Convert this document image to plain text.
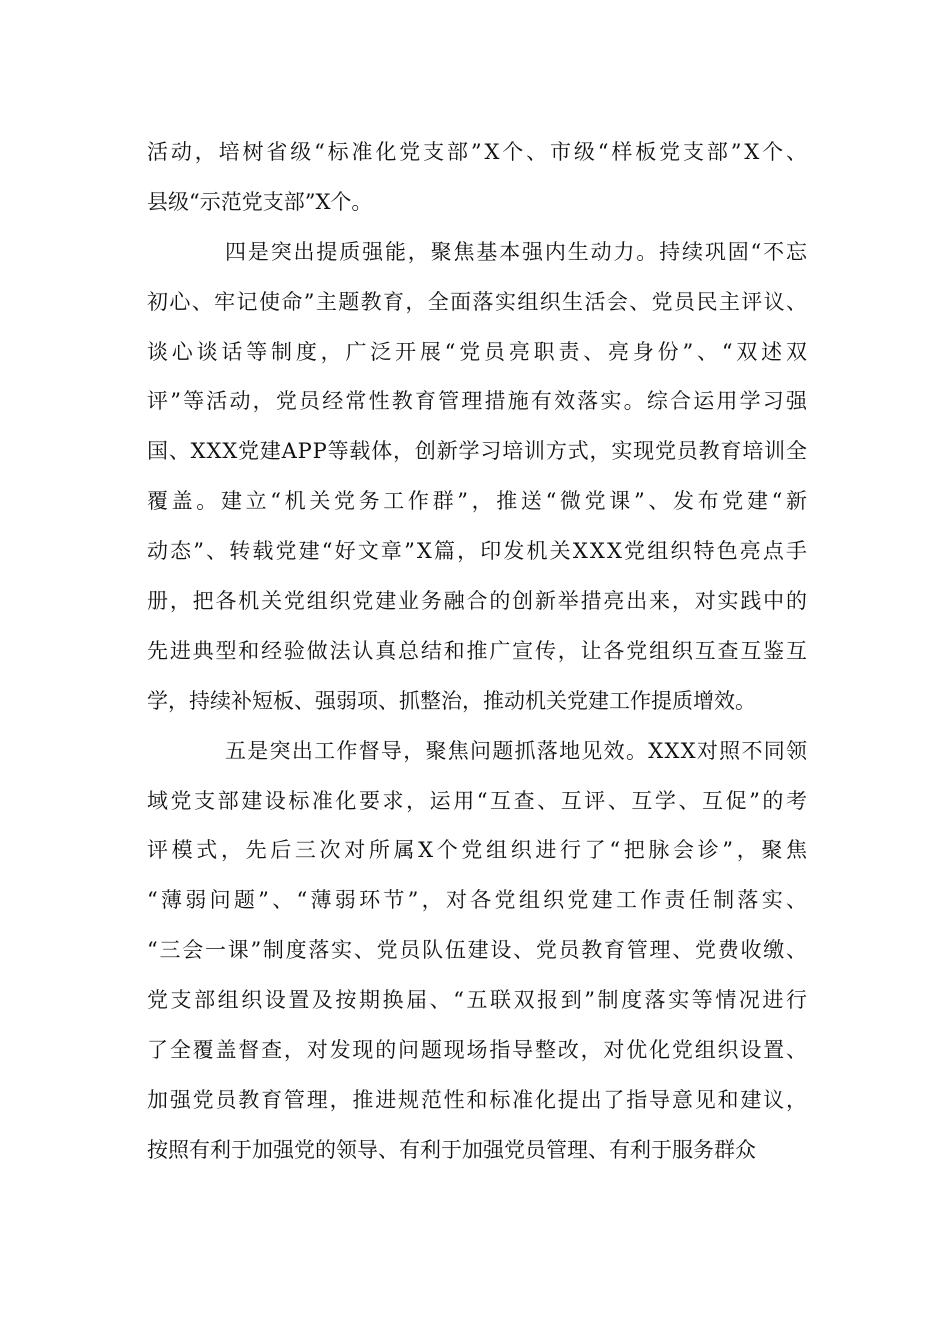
活动，培树省级“标准化党支部”X个、市级“样板党支部”X个、
县级“示范党支部”X个。
四是突出提质强能，聚焦基本强内生动力。持续巩固“不忘
初心、牢记使命”主题教育，全面落实组织生活会、党员民主评议、
谈心谈话等制度，广泛开展“党员亮职责、亮身份”、“双述双
评”等活动，党员经常性教育管理措施有效落实。综合运用学习强
国、XXX党建APP等载体，创新学习培训方式，实现党员教育培训全
覆盖。建立“机关党务工作群”，推送“微党课”、发布党建“新
动态”、转载党建“好文章”X篇，印发机关XXX党组织特色亮点手
册，把各机关党组织党建业务融合的创新举措亮出来，对实践中的
先进典型和经验做法认真总结和推广宣传，让各党组织互查互鉴互
学，持续补短板、强弱项、抓整治，推动机关党建工作提质增效。
五是突出工作督导，聚焦问题抓落地见效。XXX对照不同领
域党支部建设标准化要求，运用“互查、互评、互学、互促”的考
评模式，先后三次对所属X个党组织进行了“把脉会诊”，聚焦
“薄弱问题”、“薄弱环节”，对各党组织党建工作责任制落实、
“三会一课”制度落实、党员队伍建设、党员教育管理、党费收缴、
党支部组织设置及按期换届、“五联双报到”制度落实等情况进行
了全覆盖督查，对发现的问题现场指导整改，对优化党组织设置、
加强党员教育管理，推进规范性和标准化提出了指导意见和建议，
按照有利于加强党的领导、有利于加强党员管理、有利于服务群众
